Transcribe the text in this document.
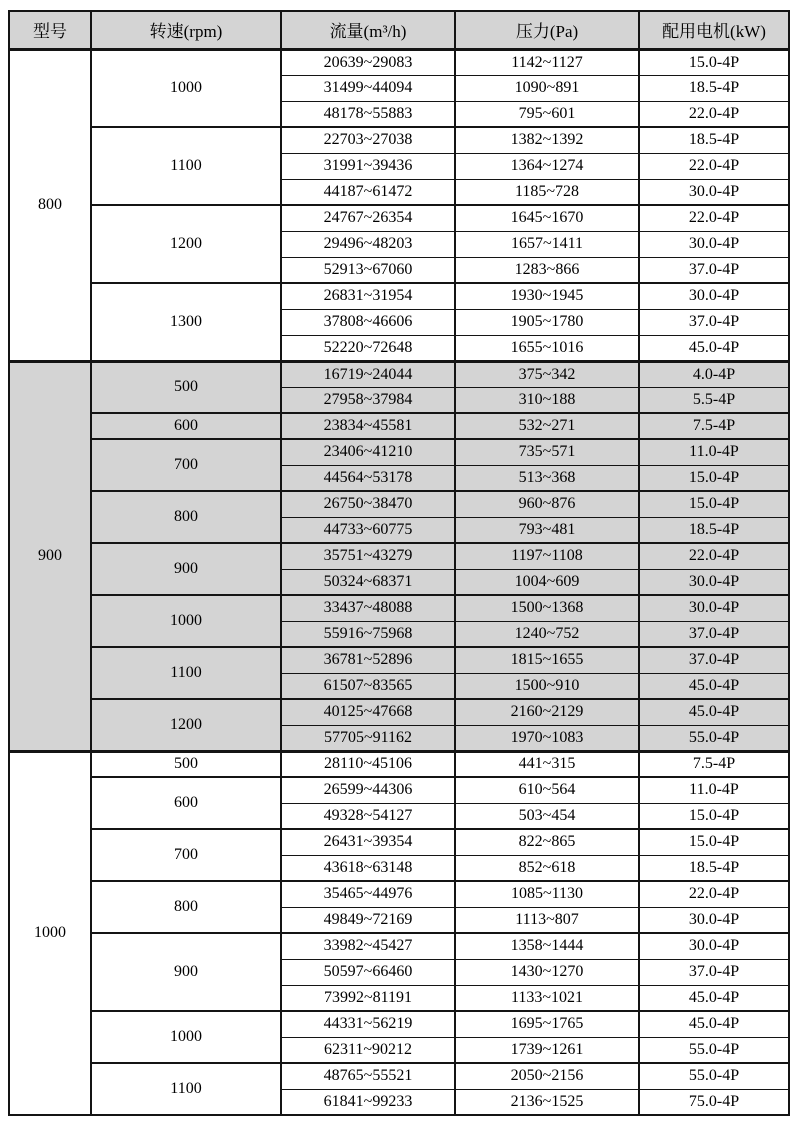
型号	转速(rpm)	流量(m³/h)	压力(Pa)	配用电机(kW)
800	1000	20639~29083	1142~1127	15.0-4P
		31499~44094	1090~891	18.5-4P
		48178~55883	795~601	22.0-4P
	1100	22703~27038	1382~1392	18.5-4P
		31991~39436	1364~1274	22.0-4P
		44187~61472	1185~728	30.0-4P
	1200	24767~26354	1645~1670	22.0-4P
		29496~48203	1657~1411	30.0-4P
		52913~67060	1283~866	37.0-4P
	1300	26831~31954	1930~1945	30.0-4P
		37808~46606	1905~1780	37.0-4P
		52220~72648	1655~1016	45.0-4P
900	500	16719~24044	375~342	4.0-4P
		27958~37984	310~188	5.5-4P
	600	23834~45581	532~271	7.5-4P
	700	23406~41210	735~571	11.0-4P
		44564~53178	513~368	15.0-4P
	800	26750~38470	960~876	15.0-4P
		44733~60775	793~481	18.5-4P
	900	35751~43279	1197~1108	22.0-4P
		50324~68371	1004~609	30.0-4P
	1000	33437~48088	1500~1368	30.0-4P
		55916~75968	1240~752	37.0-4P
	1100	36781~52896	1815~1655	37.0-4P
		61507~83565	1500~910	45.0-4P
	1200	40125~47668	2160~2129	45.0-4P
		57705~91162	1970~1083	55.0-4P
1000	500	28110~45106	441~315	7.5-4P
	600	26599~44306	610~564	11.0-4P
		49328~54127	503~454	15.0-4P
	700	26431~39354	822~865	15.0-4P
		43618~63148	852~618	18.5-4P
	800	35465~44976	1085~1130	22.0-4P
		49849~72169	1113~807	30.0-4P
	900	33982~45427	1358~1444	30.0-4P
		50597~66460	1430~1270	37.0-4P
		73992~81191	1133~1021	45.0-4P
	1000	44331~56219	1695~1765	45.0-4P
		62311~90212	1739~1261	55.0-4P
	1100	48765~55521	2050~2156	55.0-4P
		61841~99233	2136~1525	75.0-4P
